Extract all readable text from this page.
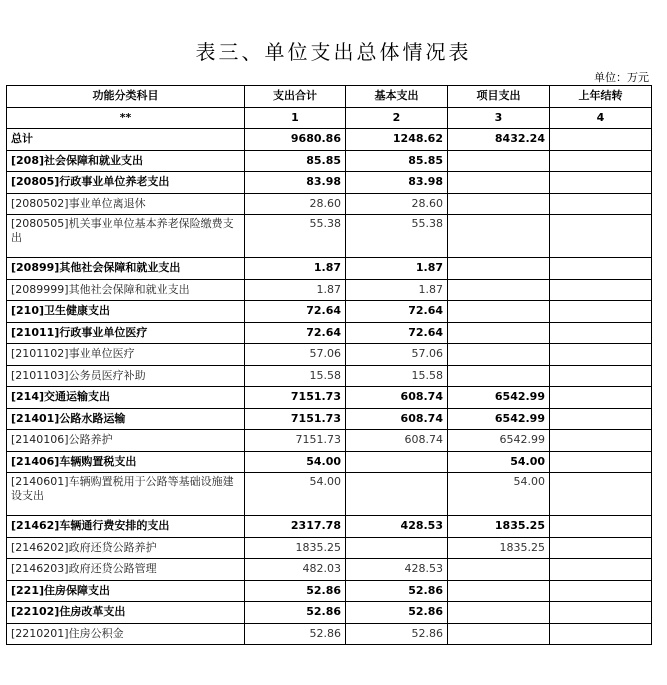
表三、单位支出总体情况表
单位：万元
功能分类科目	支出合计	基本支出	项目支出	上年结转
**	1	2	3	4
总计	9680.86	1248.62	8432.24	
[208]社会保障和就业支出	85.85	85.85		
[20805]行政事业单位养老支出	83.98	83.98		
[2080502]事业单位离退休	28.60	28.60		
[2080505]机关事业单位基本养老保险缴费支出	55.38	55.38		
[20899]其他社会保障和就业支出	1.87	1.87		
[2089999]其他社会保障和就业支出	1.87	1.87		
[210]卫生健康支出	72.64	72.64		
[21011]行政事业单位医疗	72.64	72.64		
[2101102]事业单位医疗	57.06	57.06		
[2101103]公务员医疗补助	15.58	15.58		
[214]交通运输支出	7151.73	608.74	6542.99	
[21401]公路水路运输	7151.73	608.74	6542.99	
[2140106]公路养护	7151.73	608.74	6542.99	
[21406]车辆购置税支出	54.00		54.00	
[2140601]车辆购置税用于公路等基础设施建设支出	54.00		54.00	
[21462]车辆通行费安排的支出	2317.78	428.53	1835.25	
[2146202]政府还贷公路养护	1835.25		1835.25	
[2146203]政府还贷公路管理	482.03	428.53		
[221]住房保障支出	52.86	52.86		
[22102]住房改革支出	52.86	52.86		
[2210201]住房公积金	52.86	52.86		
